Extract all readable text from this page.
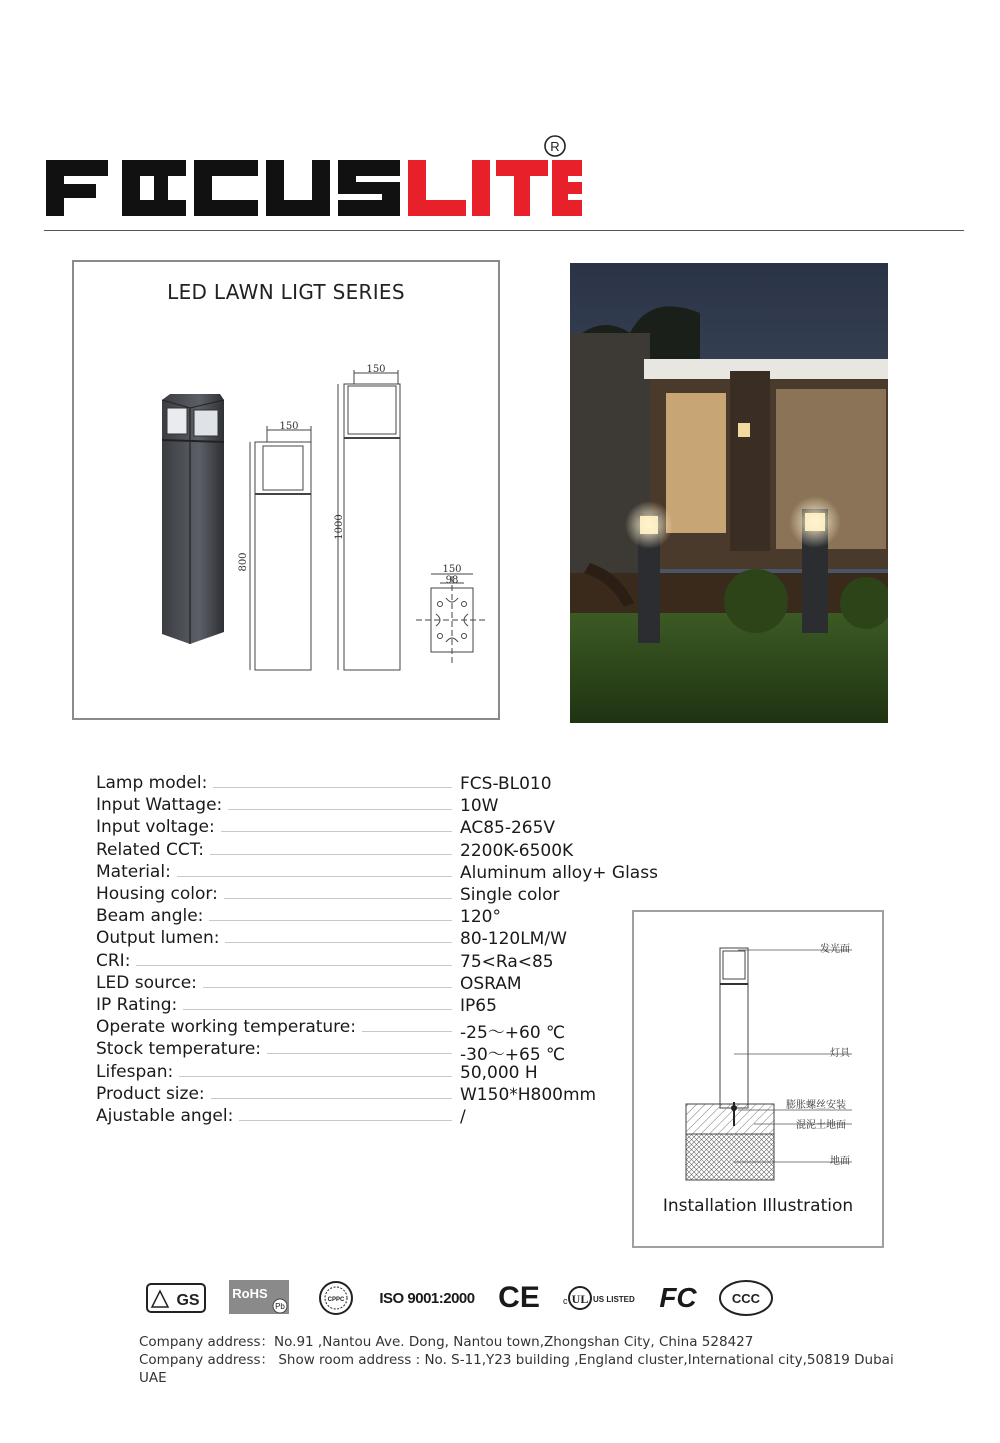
R
150
800
150
1000
150
98
LED LAWN LIGT SERIES
Lamp model:	FCS-BL010
Input Wattage:	10W
Input voltage:	AC85-265V
Related CCT:	2200K-6500K
Material:	Aluminum alloy+ Glass
Housing color:	Single color
Beam angle:	120°
Output lumen:	80-120LM/W
CRI:	75<Ra<85
LED source:	OSRAM
IP Rating:	IP65
Operate working temperature:	-25～+60 ℃
Stock temperature:	-30～+65 ℃
Lifespan:	50,000 H
Product size:	W150*H800mm
Ajustable angel:	/
发光面
灯具
膨胀螺丝安装
混泥土地面
地面
Installation Illustration
GS	RoHS
Pb
CPPC	ISO 9001:2000 CE	c UL US LISTED FC	CCC
Company address：No.91 ,Nantou Ave. Dong, Nantou town,Zhongshan City, China 528427
Company address： Show room address : No. S-11,Y23 building ,England cluster,International city,50819 Dubai
UAE
